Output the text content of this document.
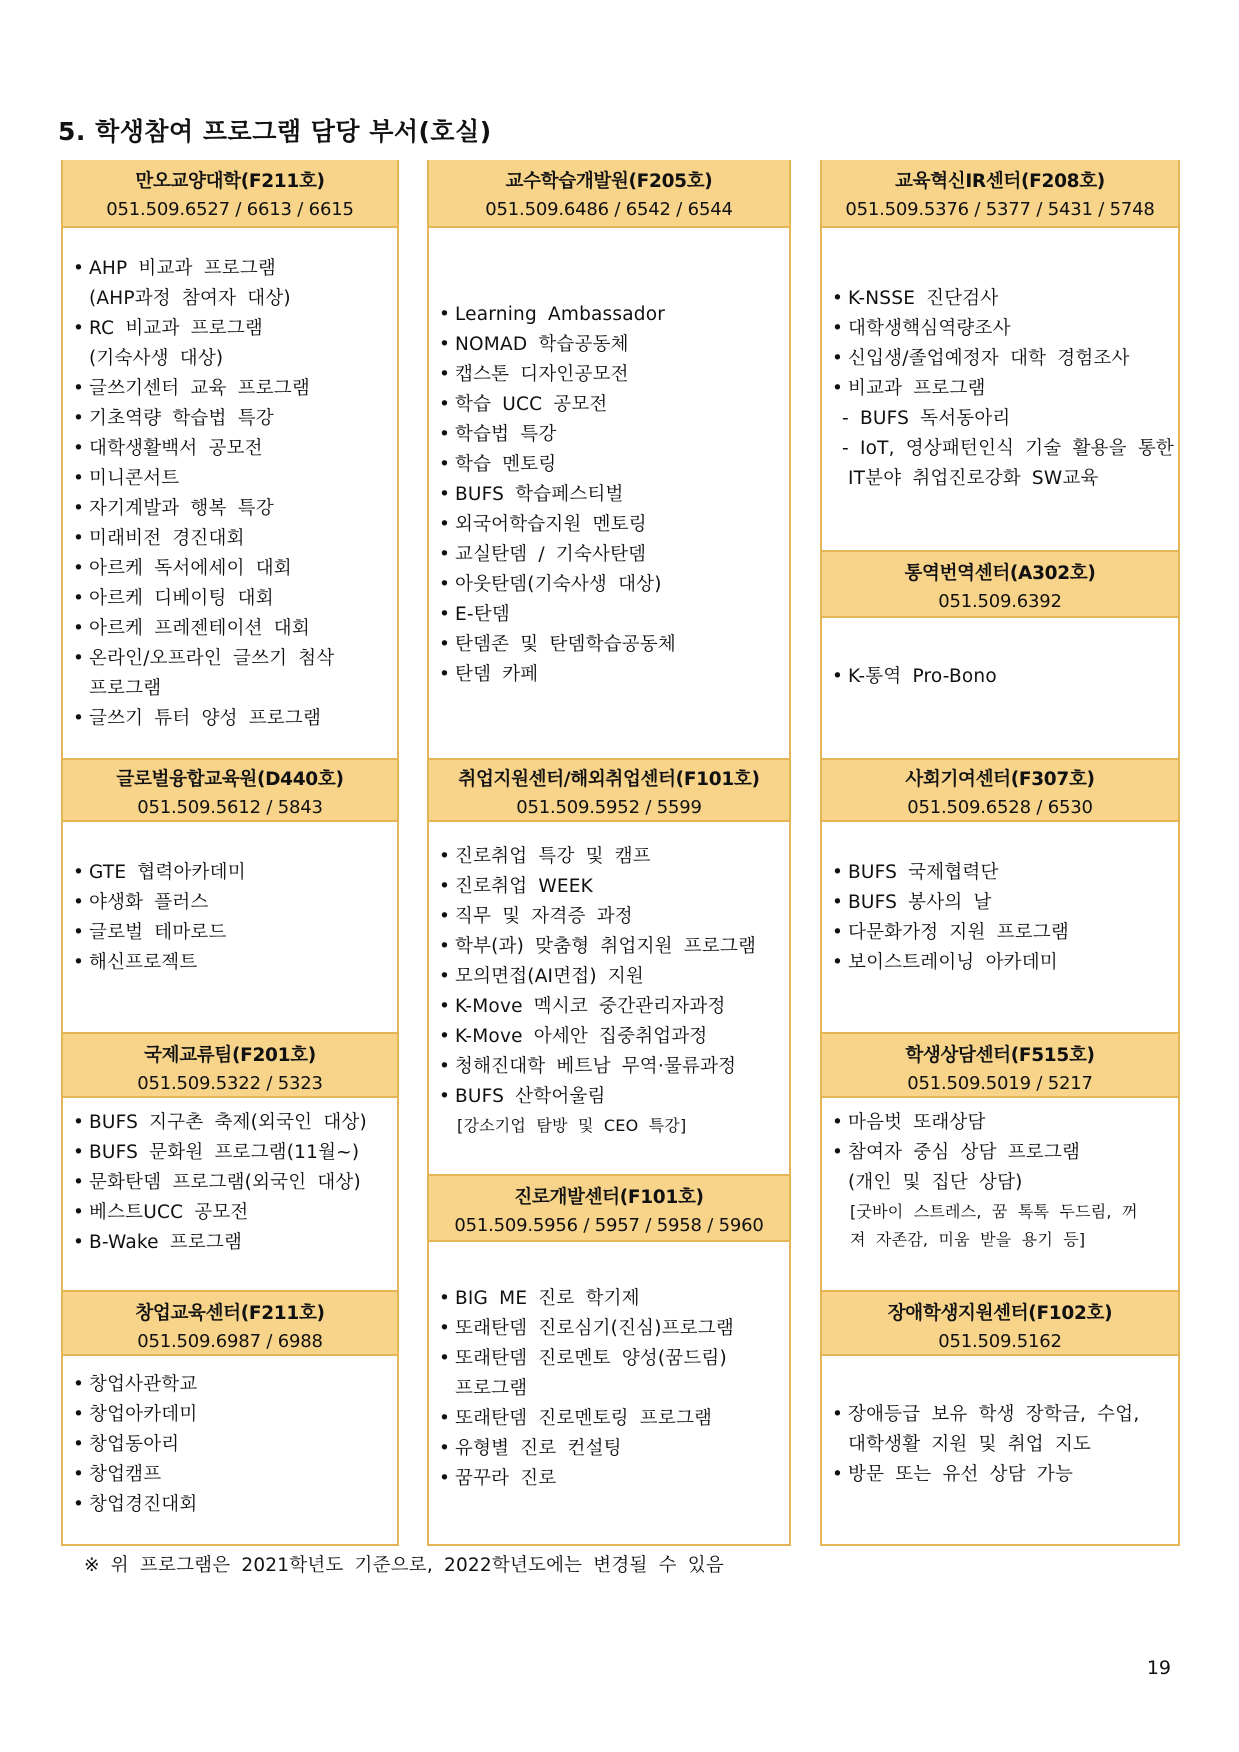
5. 학생참여 프로그램 담당 부서(호실)
만오교양대학(F211호)
051.509.6527 / 6613 / 6615
• AHP 비교과 프로그램
(AHP과정 참여자 대상)
• RC 비교과 프로그램
(기숙사생 대상)
• 글쓰기센터 교육 프로그램
• 기초역량 학습법 특강
• 대학생활백서 공모전
• 미니콘서트
• 자기계발과 행복 특강
• 미래비전 경진대회
• 아르케 독서에세이 대회
• 아르케 디베이팅 대회
• 아르케 프레젠테이션 대회
• 온라인/오프라인 글쓰기 첨삭
프로그램
• 글쓰기 튜터 양성 프로그램
글로벌융합교육원(D440호)
051.509.5612 / 5843
• GTE 협력아카데미
• 야생화 플러스
• 글로벌 테마로드
• 해신프로젝트
국제교류팀(F201호)
051.509.5322 / 5323
• BUFS 지구촌 축제(외국인 대상)
• BUFS 문화원 프로그램(11월~)
• 문화탄뎀 프로그램(외국인 대상)
• 베스트UCC 공모전
• B-Wake 프로그램
창업교육센터(F211호)
051.509.6987 / 6988
• 창업사관학교
• 창업아카데미
• 창업동아리
• 창업캠프
• 창업경진대회
교수학습개발원(F205호)
051.509.6486 / 6542 / 6544
• Learning Ambassador
• NOMAD 학습공동체
• 캡스톤 디자인공모전
• 학습 UCC 공모전
• 학습법 특강
• 학습 멘토링
• BUFS 학습페스티벌
• 외국어학습지원 멘토링
• 교실탄뎀 / 기숙사탄뎀
• 아웃탄뎀(기숙사생 대상)
• E-탄뎀
• 탄뎀존 및 탄뎀학습공동체
• 탄뎀 카페
취업지원센터/해외취업센터(F101호)
051.509.5952 / 5599
• 진로취업 특강 및 캠프
• 진로취업 WEEK
• 직무 및 자격증 과정
• 학부(과) 맞춤형 취업지원 프로그램
• 모의면접(AI면접) 지원
• K-Move 멕시코 중간관리자과정
• K-Move 아세안 집중취업과정
• 청해진대학 베트남 무역·물류과정
• BUFS 산학어울림
[강소기업 탐방 및 CEO 특강]
진로개발센터(F101호)
051.509.5956 / 5957 / 5958 / 5960
• BIG ME 진로 학기제
• 또래탄뎀 진로심기(진심)프로그램
• 또래탄뎀 진로멘토 양성(꿈드림)
프로그램
• 또래탄뎀 진로멘토링 프로그램
• 유형별 진로 컨설팅
• 꿈꾸라 진로
교육혁신IR센터(F208호)
051.509.5376 / 5377 / 5431 / 5748
• K-NSSE 진단검사
• 대학생핵심역량조사
• 신입생/졸업예정자 대학 경험조사
• 비교과 프로그램
- BUFS 독서동아리
- IoT, 영상패턴인식 기술 활용을 통한
IT분야 취업진로강화 SW교육
통역번역센터(A302호)
051.509.6392
• K-통역 Pro-Bono
사회기여센터(F307호)
051.509.6528 / 6530
• BUFS 국제협력단
• BUFS 봉사의 날
• 다문화가정 지원 프로그램
• 보이스트레이닝 아카데미
학생상담센터(F515호)
051.509.5019 / 5217
• 마음벗 또래상담
• 참여자 중심 상담 프로그램
(개인 및 집단 상담)
[굿바이 스트레스, 꿈 톡톡 두드림, 꺼
져 자존감, 미움 받을 용기 등]
장애학생지원센터(F102호)
051.509.5162
• 장애등급 보유 학생 장학금, 수업,
대학생활 지원 및 취업 지도
• 방문 또는 유선 상담 가능
※ 위 프로그램은 2021학년도 기준으로, 2022학년도에는 변경될 수 있음
19
